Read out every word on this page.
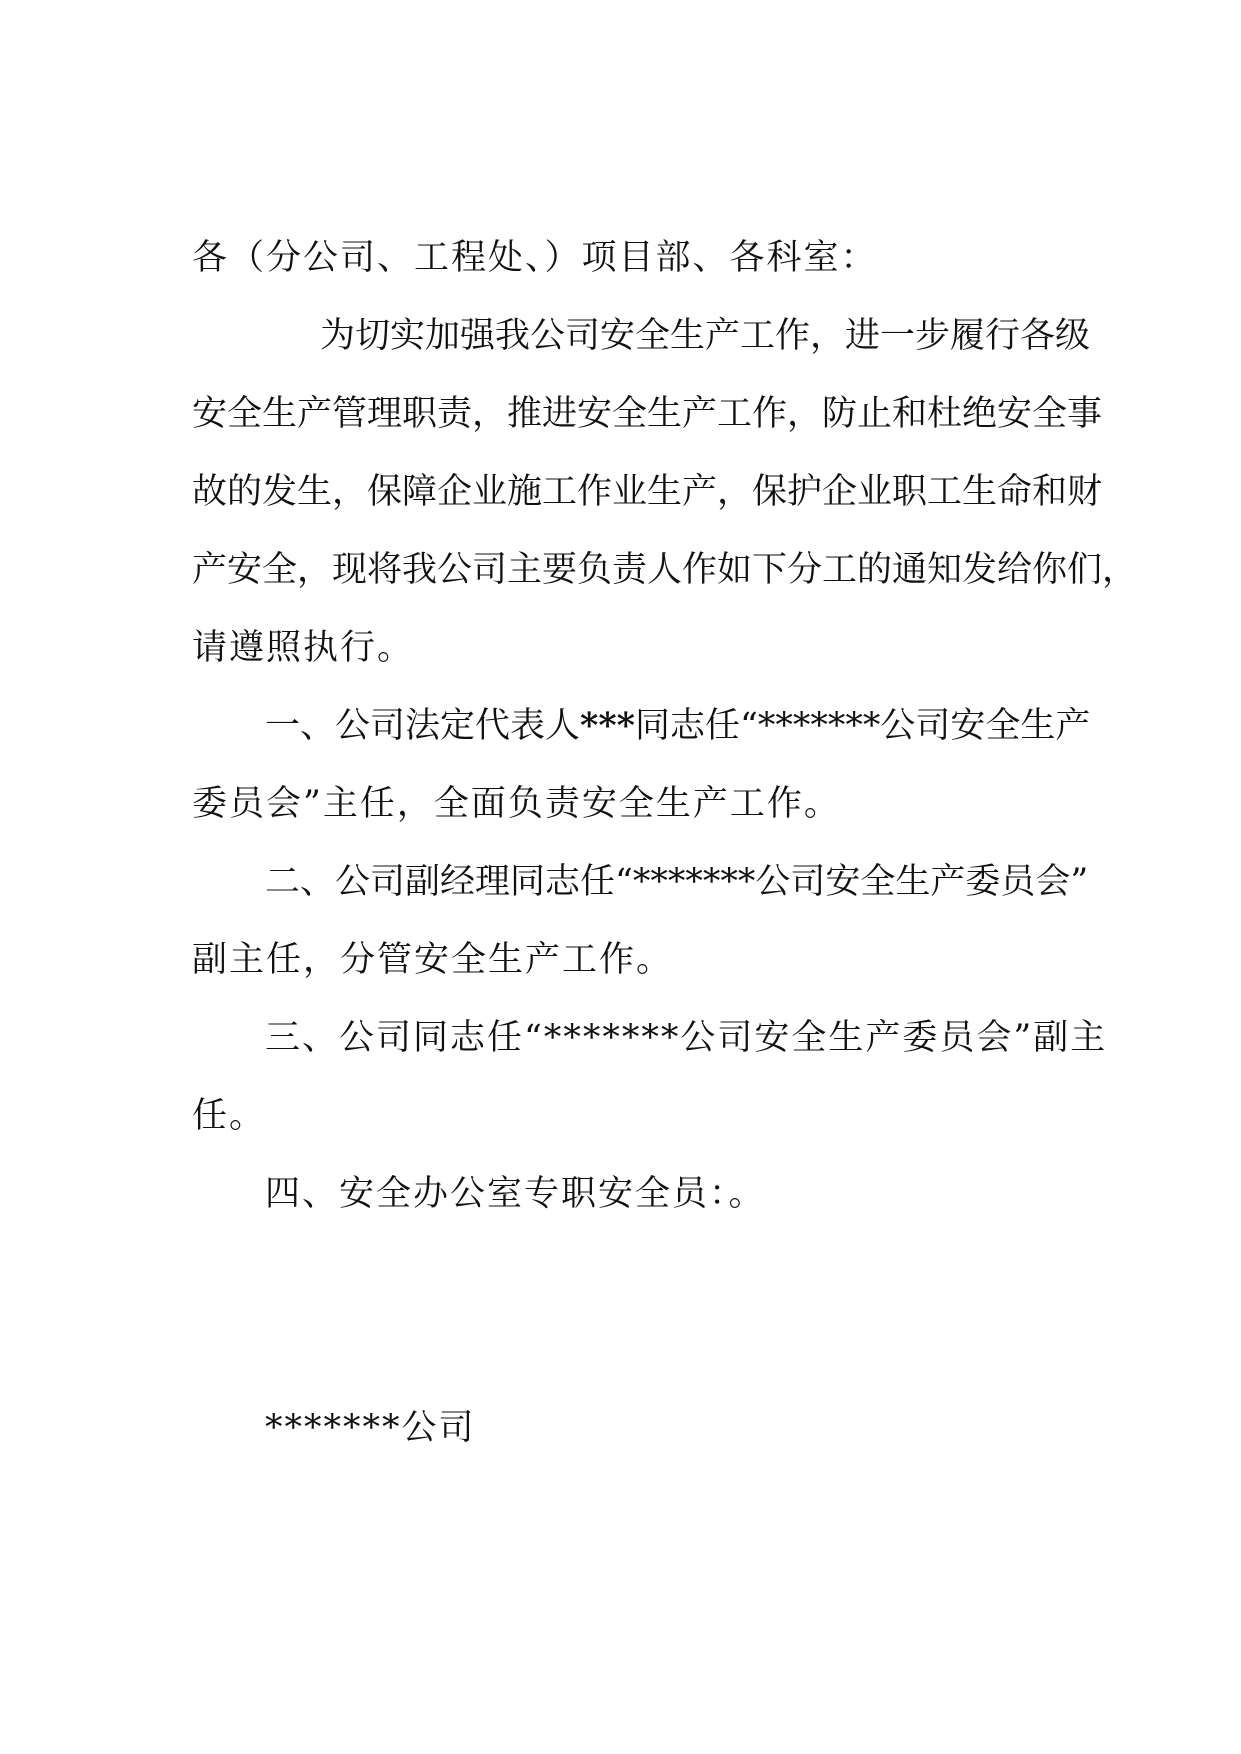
各（分公司、工程处、）项目部、各科室：
为切实加强我公司安全生产工作，进一步履行各级
安全生产管理职责，推进安全生产工作，防止和杜绝安全事
故的发生，保障企业施工作业生产，保护企业职工生命和财
产安全，现将我公司主要负责人作如下分工的通知发给你们，
请遵照执行。
一、公司法定代表人***同志任“*******公司安全生产
委员会”主任，全面负责安全生产工作。
二、公司副经理同志任“*******公司安全生产委员会”
副主任，分管安全生产工作。
三、公司同志任“*******公司安全生产委员会”副主
任。
四、安全办公室专职安全员：。
*******公司
